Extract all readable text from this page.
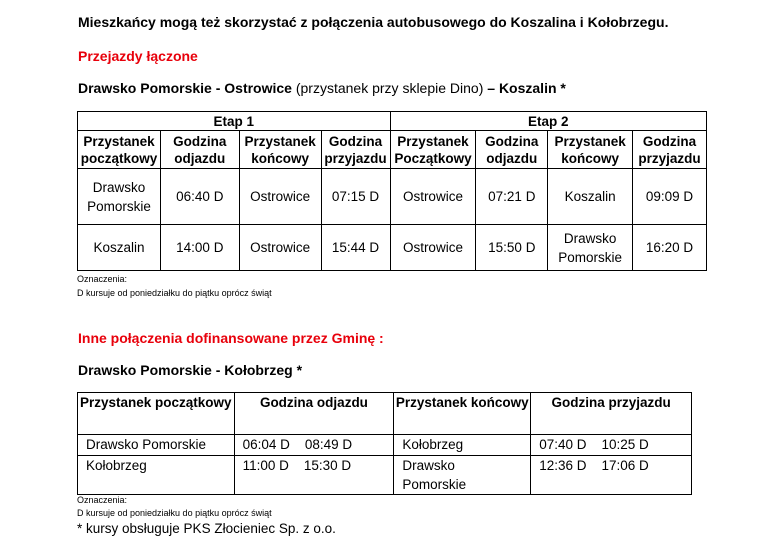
Mieszkańcy mogą też skorzystać z połączenia autobusowego do Koszalina i Kołobrzegu.
Przejazdy łączone
Drawsko Pomorskie - Ostrowice (przystanek przy sklepie Dino) – Koszalin *
Etap 1				Etap 2			
Przystanek początkowy	Godzina odjazdu	Przystanek końcowy	Godzina przyjazdu	Przystanek Początkowy	Godzina odjazdu	Przystanek końcowy	Godzina przyjazdu
Drawsko Pomorskie	06:40 D	Ostrowice	07:15 D	Ostrowice	07:21 D	Koszalin	09:09 D
Koszalin	14:00 D	Ostrowice	15:44 D	Ostrowice	15:50 D	Drawsko Pomorskie	16:20 D
Oznaczenia:
D kursuje od poniedziałku do piątku oprócz świąt
Inne połączenia dofinansowane przez Gminę :
Drawsko Pomorskie - Kołobrzeg *
Przystanek początkowy	Godzina odjazdu	Przystanek końcowy	Godzina przyjazdu
Drawsko Pomorskie	06:04 D    08:49 D	Kołobrzeg	07:40 D    10:25 D
Kołobrzeg	11:00 D    15:30 D	Drawsko Pomorskie	12:36 D    17:06 D
Oznaczenia:
D kursuje od poniedziałku do piątku oprócz świąt
* kursy obsługuje PKS Złocieniec Sp. z o.o.
